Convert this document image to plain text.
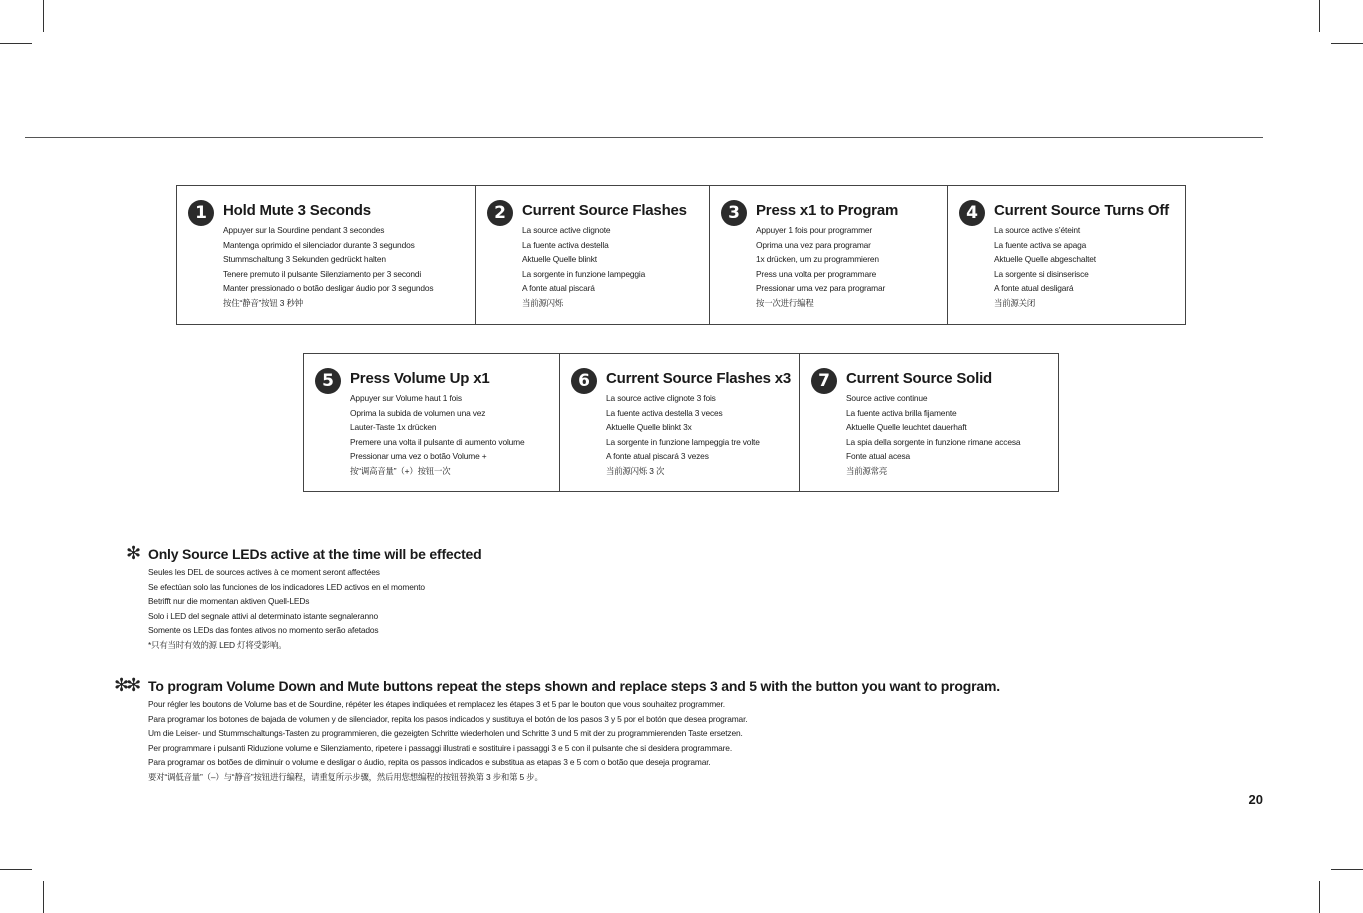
1	Hold Mute 3 Seconds
Appuyer sur la Sourdine pendant 3 secondes
Mantenga oprimido el silenciador durante 3 segundos
Stummschaltung 3 Sekunden gedrückt halten
Tenere premuto il pulsante Silenziamento per 3 secondi
Manter pressionado o botão desligar áudio por 3 segundos
按住“静音”按钮 3 秒钟
2	Current Source Flashes
La source active clignote
La fuente activa destella
Aktuelle Quelle blinkt
La sorgente in funzione lampeggia
A fonte atual piscará
当前源闪烁
3	Press x1 to Program
Appuyer 1 fois pour programmer
Oprima una vez para programar
1x drücken, um zu programmieren
Press una volta per programmare
Pressionar uma vez para programar
按一次进行编程
4	Current Source Turns Off
La source active s’éteint
La fuente activa se apaga
Aktuelle Quelle abgeschaltet
La sorgente si disinserisce
A fonte atual desligará
当前源关闭
5	Press Volume Up x1
Appuyer sur Volume haut 1 fois
Oprima la subida de volumen una vez
Lauter-Taste 1x drücken
Premere una volta il pulsante di aumento volume
Pressionar uma vez o botão Volume +
按“调高音量”（+）按钮一次
6	Current Source Flashes x3
La source active clignote 3 fois
La fuente activa destella 3 veces
Aktuelle Quelle blinkt 3x
La sorgente in funzione lampeggia tre volte
A fonte atual piscará 3 vezes
当前源闪烁 3 次
7	Current Source Solid
Source active continue
La fuente activa brilla fijamente
Aktuelle Quelle leuchtet dauerhaft
La spia della sorgente in funzione rimane accesa
Fonte atual acesa
当前源常亮
✻ Only Source LEDs active at the time will be effected
Seules les DEL de sources actives à ce moment seront affectées
Se efectúan solo las funciones de los indicadores LED activos en el momento
Betrifft nur die momentan aktiven Quell-LEDs
Solo i LED del segnale attivi al determinato istante segnaleranno
Somente os LEDs das fontes ativos no momento serão afetados
*只有当时有效的源 LED 灯将受影响。
✻✻ To program Volume Down and Mute buttons repeat the steps shown and replace steps 3 and 5 with the button you want to program.
Pour régler les boutons de Volume bas et de Sourdine, répéter les étapes indiquées et remplacez les étapes 3 et 5 par le bouton que vous souhaitez programmer.
Para programar los botones de bajada de volumen y de silenciador, repita los pasos indicados y sustituya el botón de los pasos 3 y 5 por el botón que desea programar.
Um die Leiser- und Stummschaltungs-Tasten zu programmieren, die gezeigten Schritte wiederholen und Schritte 3 und 5 mit der zu programmierenden Taste ersetzen.
Per programmare i pulsanti Riduzione volume e Silenziamento, ripetere i passaggi illustrati e sostituire i passaggi 3 e 5 con il pulsante che si desidera programmare.
Para programar os botões de diminuir o volume e desligar o áudio, repita os passos indicados e substitua as etapas 3 e 5 com o botão que deseja programar.
要对“调低音量”（–）与“静音”按钮进行编程，请重复所示步骤，然后用您想编程的按钮替换第 3 步和第 5 步。
20
